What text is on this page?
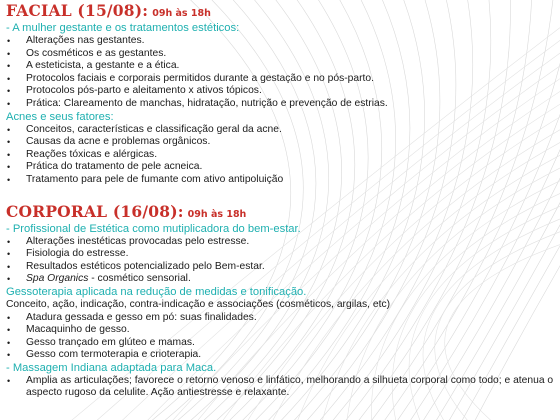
FACIAL (15/08): 09h às 18h
- A mulher gestante e os tratamentos estéticos:
• Alterações nas gestantes.
• Os cosméticos e as gestantes.
• A esteticista, a gestante e a ética.
• Protocolos faciais e corporais permitidos durante a gestação e no pós-parto.
• Protocolos pós-parto e aleitamento x ativos tópicos.
• Prática: Clareamento de manchas, hidratação, nutrição e prevenção de estrias.
Acnes e seus fatores:
• Conceitos, características e classificação geral da acne.
• Causas da acne e problemas orgânicos.
• Reações tóxicas e alérgicas.
• Prática do tratamento de pele acneica.
• Tratamento para pele de fumante com ativo antipoluição
CORPORAL (16/08): 09h às 18h
- Profissional de Estética como mutiplicadora do bem-estar.
• Alterações inestéticas provocadas pelo estresse.
• Fisiologia do estresse.
• Resultados estéticos potencializado pelo Bem-estar.
• Spa Organics - cosmético sensorial.
Gessoterapia aplicada na redução de medidas e tonificação.
Conceito, ação, indicação, contra-indicação e associações (cosméticos, argilas, etc)
• Atadura gessada e gesso em pó: suas finalidades.
• Macaquinho de gesso.
• Gesso trançado em glúteo e mamas.
• Gesso com termoterapia e crioterapia.
- Massagem Indiana adaptada para Maca.
• Amplia as articulações; favorece o retorno venoso e linfático, melhorando a silhueta corporal como todo; e atenua o aspecto rugoso da celulite. Ação antiestresse e relaxante.
